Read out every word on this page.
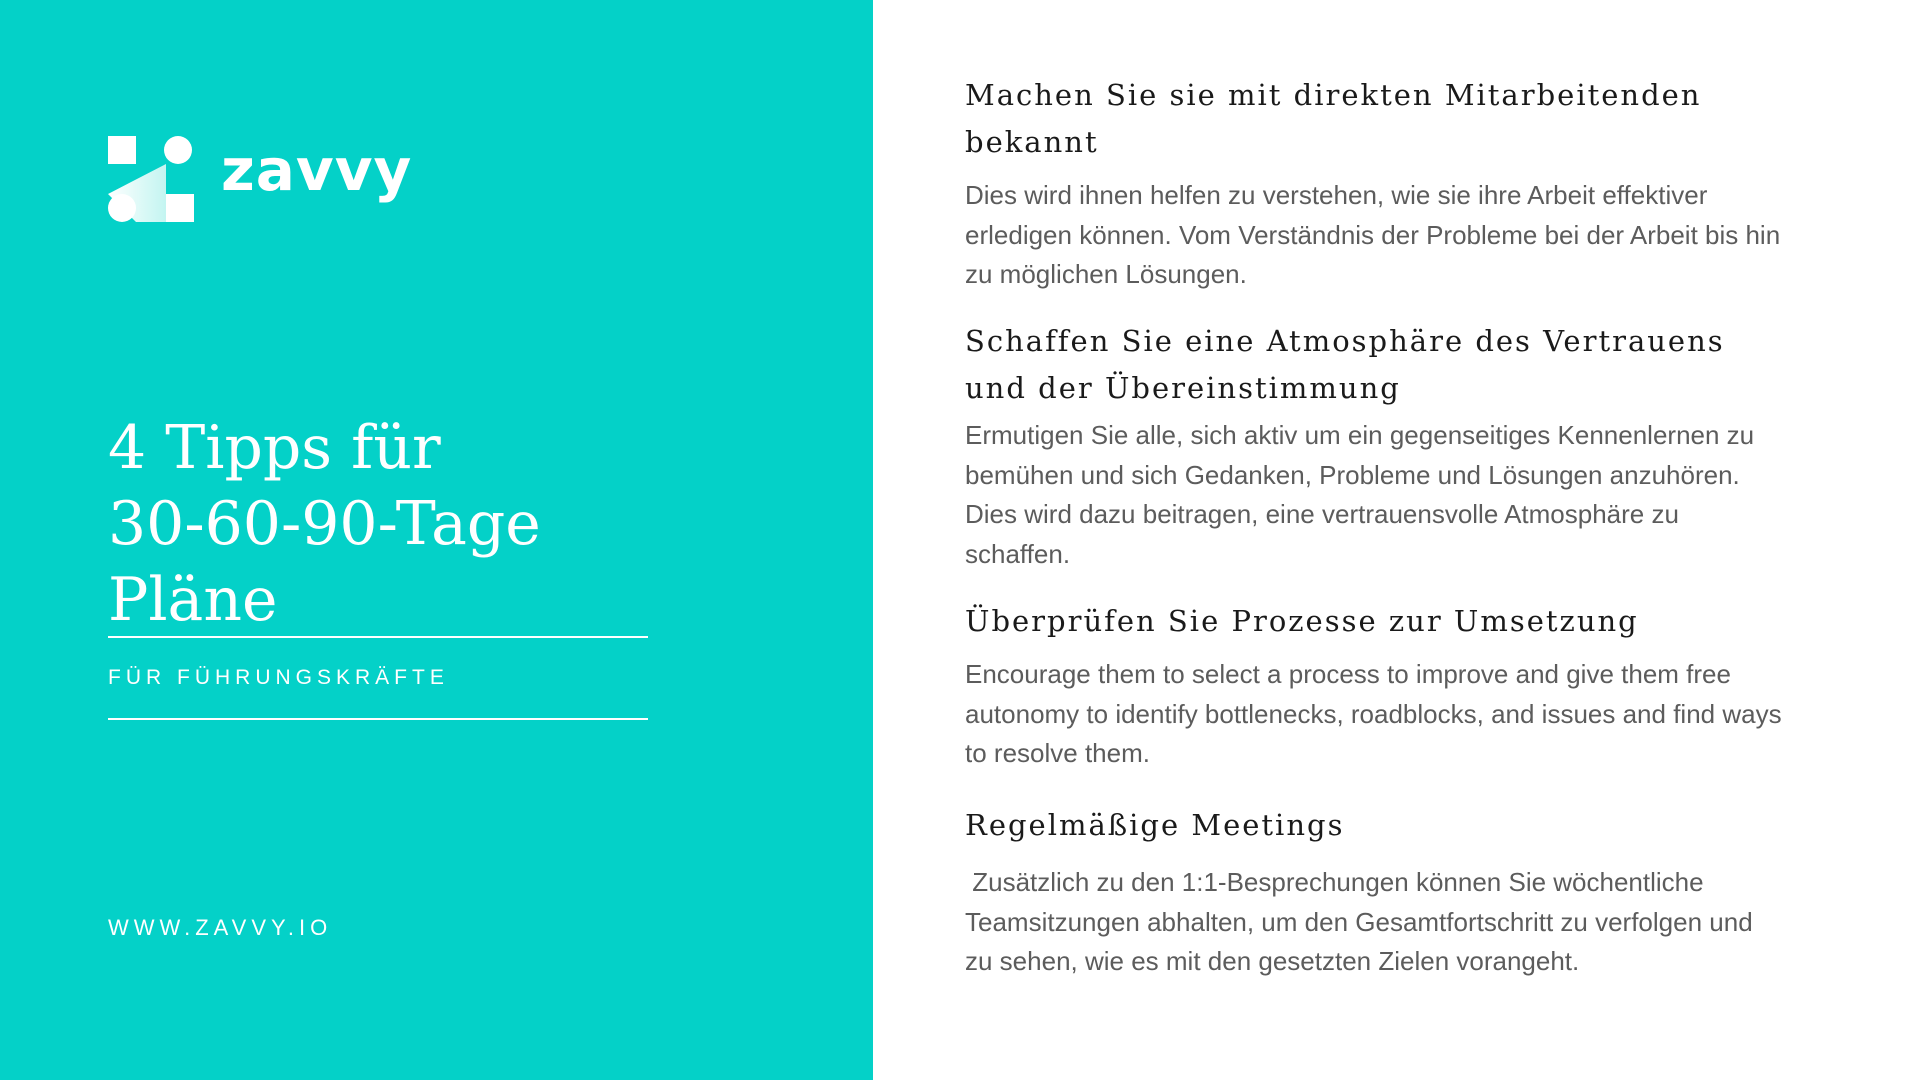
zavvy
4 Tipps für
30-60-90-Tage
Pläne
FÜR FÜHRUNGSKRÄFTE
WWW.ZAVVY.IO
Machen Sie sie mit direkten Mitarbeitenden bekannt

Dies wird ihnen helfen zu verstehen, wie sie ihre Arbeit effektiver erledigen können. Vom Verständnis der Probleme bei der Arbeit bis hin zu möglichen Lösungen.

Schaffen Sie eine Atmosphäre des Vertrauens und der Übereinstimmung

Ermutigen Sie alle, sich aktiv um ein gegenseitiges Kennenlernen zu bemühen und sich Gedanken, Probleme und Lösungen anzuhören. Dies wird dazu beitragen, eine vertrauensvolle Atmosphäre zu schaffen.

Überprüfen Sie Prozesse zur Umsetzung

Encourage them to select a process to improve and give them free autonomy to identify bottlenecks, roadblocks, and issues and find ways to resolve them.

Regelmäßige Meetings

Zusätzlich zu den 1:1-Besprechungen können Sie wöchentliche Teamsitzungen abhalten, um den Gesamtfortschritt zu verfolgen und zu sehen, wie es mit den gesetzten Zielen vorangeht.
